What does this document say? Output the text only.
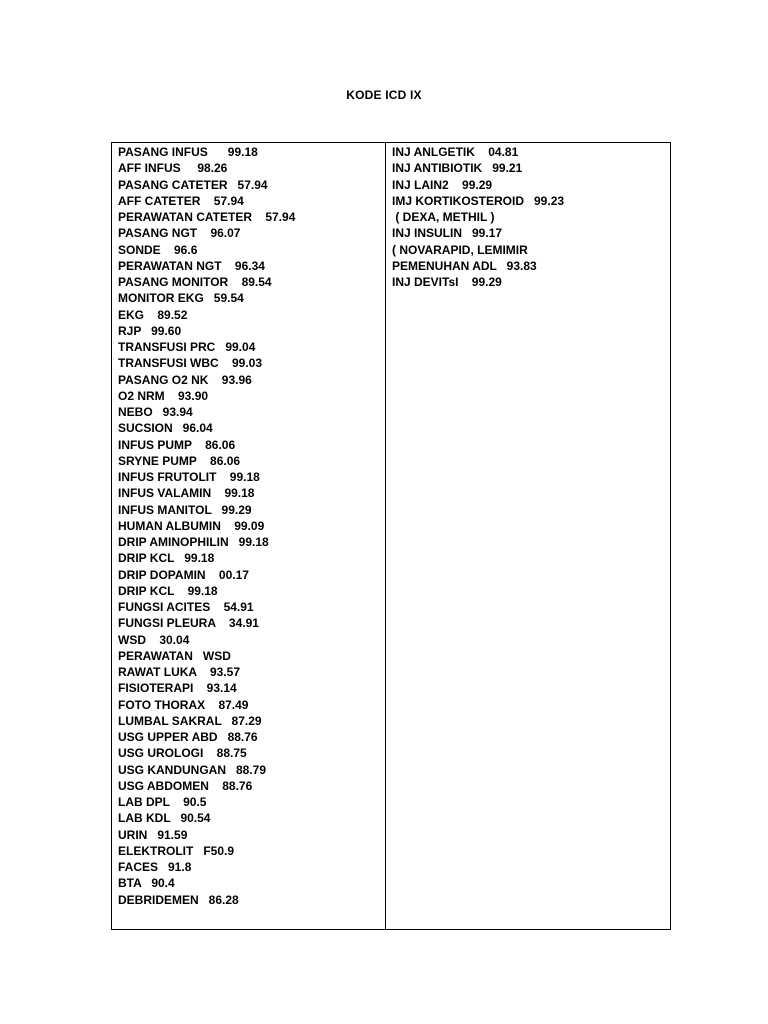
KODE ICD IX
PASANG INFUS      99.18
AFF INFUS     98.26
PASANG CATETER   57.94
AFF CATETER    57.94
PERAWATAN CATETER    57.94
PASANG NGT    96.07
SONDE    96.6
PERAWATAN NGT    96.34
PASANG MONITOR    89.54
MONITOR EKG   59.54
EKG    89.52
RJP   99.60
TRANSFUSI PRC   99.04
TRANSFUSI WBC    99.03
PASANG O2 NK    93.96
O2 NRM    93.90
NEBO   93.94
SUCSION   96.04
INFUS PUMP    86.06
SRYNE PUMP    86.06
INFUS FRUTOLIT    99.18
INFUS VALAMIN    99.18
INFUS MANITOL   99.29
HUMAN ALBUMIN    99.09
DRIP AMINOPHILIN   99.18
DRIP KCL   99.18
DRIP DOPAMIN    00.17
DRIP KCL    99.18
FUNGSI ACITES    54.91
FUNGSI PLEURA    34.91
WSD    30.04
PERAWATAN   WSD
RAWAT LUKA    93.57
FISIOTERAPI    93.14
FOTO THORAX    87.49
LUMBAL SAKRAL   87.29
USG UPPER ABD   88.76
USG UROLOGI    88.75
USG KANDUNGAN   88.79
USG ABDOMEN    88.76
LAB DPL    90.5
LAB KDL   90.54
URIN   91.59
ELEKTROLIT   F50.9
FACES   91.8
BTA   90.4
DEBRIDEMEN   86.28
INJ ANLGETIK    04.81
INJ ANTIBIOTIK   99.21
INJ LAIN2    99.29
IMJ KORTIKOSTEROID   99.23
( DEXA, METHIL )
INJ INSULIN   99.17
( NOVARAPID, LEMIMIR
PEMENUHAN ADL   93.83
INJ DEVITsI    99.29
